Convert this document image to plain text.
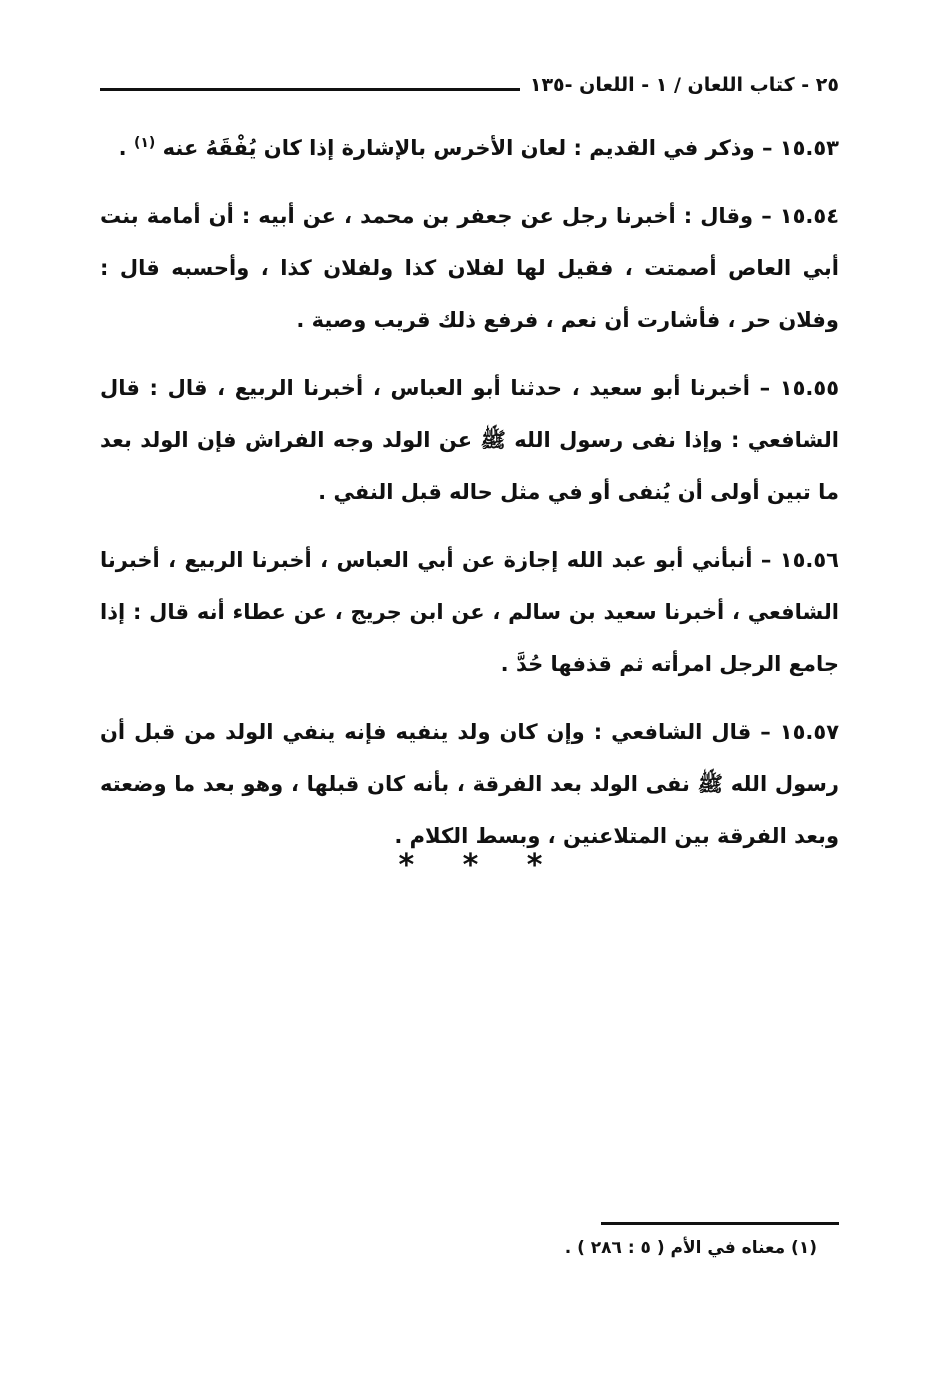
٢٥ - كتاب اللعان / ١ - اللعان -١٣٥

١٥.٥٣ – وذكر في القديم : لعان الأخرس بالإشارة إذا كان يُفْقَهُ عنه $^{(١)}$ .

١٥.٥٤ – وقال : أخبرنا رجل عن جعفر بن محمد ، عن أبيه : أن أمامة بنت أبي العاص أصمتت ، فقيل لها لفلان كذا ولفلان كذا ، وأحسبه قال : وفلان حر ، فأشارت أن نعم ، فرفع ذلك قريب وصية .

١٥.٥٥ – أخبرنا أبو سعيد ، حدثنا أبو العباس ، أخبرنا الربيع ، قال : قال الشافعي : وإذا نفى رسول الله ﷺ عن الولد وجه الفراش فإن الولد بعد ما تبين أولى أن يُنفى أو في مثل حاله قبل النفي .

١٥.٥٦ – أنبأني أبو عبد الله إجازة عن أبي العباس ، أخبرنا الربيع ، أخبرنا الشافعي ، أخبرنا سعيد بن سالم ، عن ابن جريج ، عن عطاء أنه قال : إذا جامع الرجل امرأته ثم قذفها حُدَّ .

١٥.٥٧ – قال الشافعي : وإن كان ولد ينفيه فإنه ينفي الولد من قبل أن رسول الله ﷺ نفى الولد بعد الفرقة ، بأنه كان قبلها ، وهو بعد ما وضعته وبعد الفرقة بين المتلاعنين ، وبسط الكلام .

* * *
(١) معناه في الأم ( ٥ : ٢٨٦ ) .
